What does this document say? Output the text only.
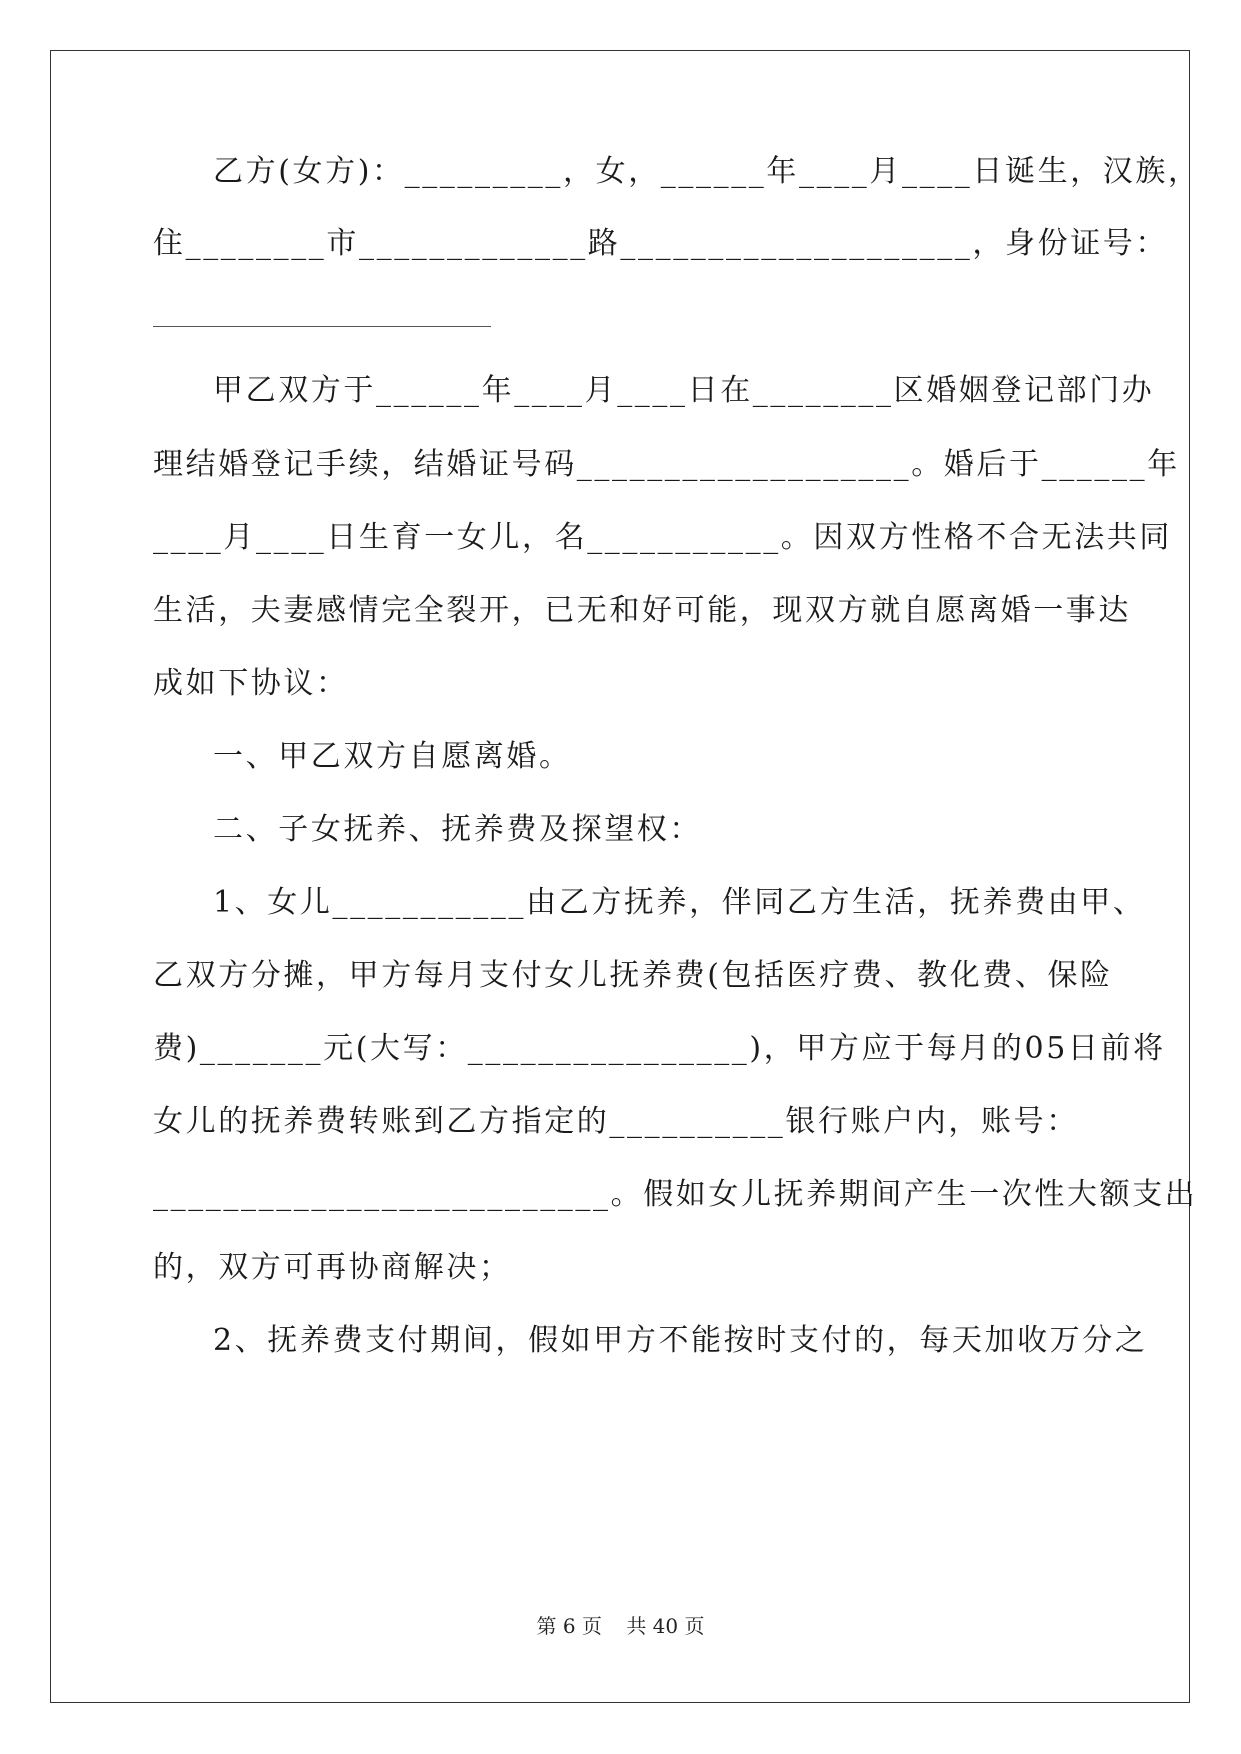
乙方(女方)：_________，女，______年____月____日诞生，汉族，
住________市_____________路____________________，身份证号：
甲乙双方于______年____月____日在________区婚姻登记部门办
理结婚登记手续，结婚证号码___________________。婚后于______年
____月____日生育一女儿，名___________。因双方性格不合无法共同
生活，夫妻感情完全裂开，已无和好可能，现双方就自愿离婚一事达
成如下协议：
一、甲乙双方自愿离婚。
二、子女抚养、抚养费及探望权：
1、女儿___________由乙方抚养，伴同乙方生活，抚养费由甲、
乙双方分摊，甲方每月支付女儿抚养费(包括医疗费、教化费、保险
费)_______元(大写：________________)，甲方应于每月的05日前将
女儿的抚养费转账到乙方指定的__________银行账户内，账号：
__________________________。假如女儿抚养期间产生一次性大额支出
的，双方可再协商解决；
2、抚养费支付期间，假如甲方不能按时支付的，每天加收万分之
第 6 页 共 40 页
